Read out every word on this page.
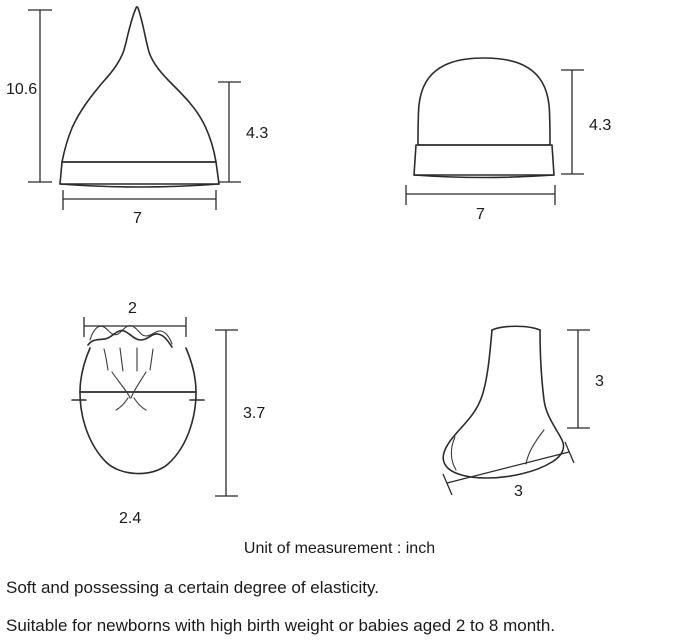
10.6
4.3
7
4.3
7
2
3.7
2.4
3
3
Unit of measurement : inch
Soft and possessing a certain degree of elasticity.
Suitable for newborns with high birth weight or babies aged 2 to 8 month.
